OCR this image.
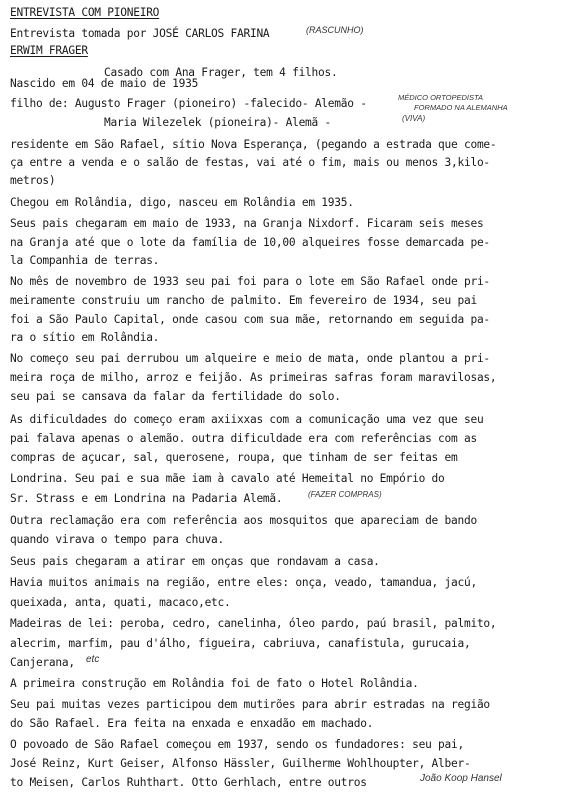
ENTREVISTA COM PIONEIRO
Entrevista tomada por JOSÉ CARLOS FARINA	(RASCUNHO)
ERWIM FRAGER
Casado com Ana Frager, tem 4 filhos.
Nascido em 04 de maio de 1935
filho de: Augusto Frager (pioneiro) -falecido- Alemão -	MÉDICO ORTOPEDISTA
FORMADO NA ALEMANHA
Maria Wilezelek (pioneira)- Alemã -	(VIVA)
residente em São Rafael, sítio Nova Esperança, (pegando a estrada que come-
ça entre a venda e o salão de festas, vai até o fim, mais ou menos 3,kilo-
metros)
Chegou em Rolândia, digo, nasceu em Rolândia em 1935.
Seus pais chegaram em maio de 1933, na Granja Nixdorf. Ficaram seis meses
na Granja até que o lote da família de 10,00 alqueires fosse demarcada pe-
la Companhia de terras.
No mês de novembro de 1933 seu pai foi para o lote em São Rafael onde pri-
meiramente construiu um rancho de palmito. Em fevereiro de 1934, seu pai
foi a São Paulo Capital, onde casou com sua mãe, retornando em seguida pa-
ra o sítio em Rolândia.
No começo seu pai derrubou um alqueire e meio de mata, onde plantou a pri-
meira roça de milho, arroz e feijão. As primeiras safras foram maravilosas,
seu pai se cansava da falar da fertilidade do solo.
As dificuldades do começo eram axiixxas com a comunicação uma vez que seu
pai falava apenas o alemão. outra dificuldade era com referências com as
compras de açucar, sal, querosene, roupa, que tinham de ser feitas em
Londrina. Seu pai e sua mãe iam à cavalo até Hemeital no Empório do
Sr. Strass e em Londrina na Padaria Alemã.	(FAZER COMPRAS)
Outra reclamação era com referência aos mosquitos que apareciam de bando
quando virava o tempo para chuva.
Seus pais chegaram a atirar em onças que rondavam a casa.
Havia muitos animais na região, entre eles: onça, veado, tamandua, jacú,
queixada, anta, quati, macaco,etc.
Madeiras de lei: peroba, cedro, canelinha, óleo pardo, paú brasil, palmito,
alecrim, marfim, pau d'álho, figueira, cabriuva, canafistula, gurucaia,
Canjerana,	etc
A primeira construção em Rolândia foi de fato o Hotel Rolândia.
Seu pai muitas vezes participou dem mutirões para abrir estradas na região
do São Rafael. Era feita na enxada e enxadão em machado.
O povoado de São Rafael começou em 1937, sendo os fundadores: seu pai,
José Reinz, Kurt Geiser, Alfonso Hässler, Guilherme Wohlhoupter, Alber-
to Meisen, Carlos Ruhthart. Otto Gerhlach, entre outros	João Koop Hansel
